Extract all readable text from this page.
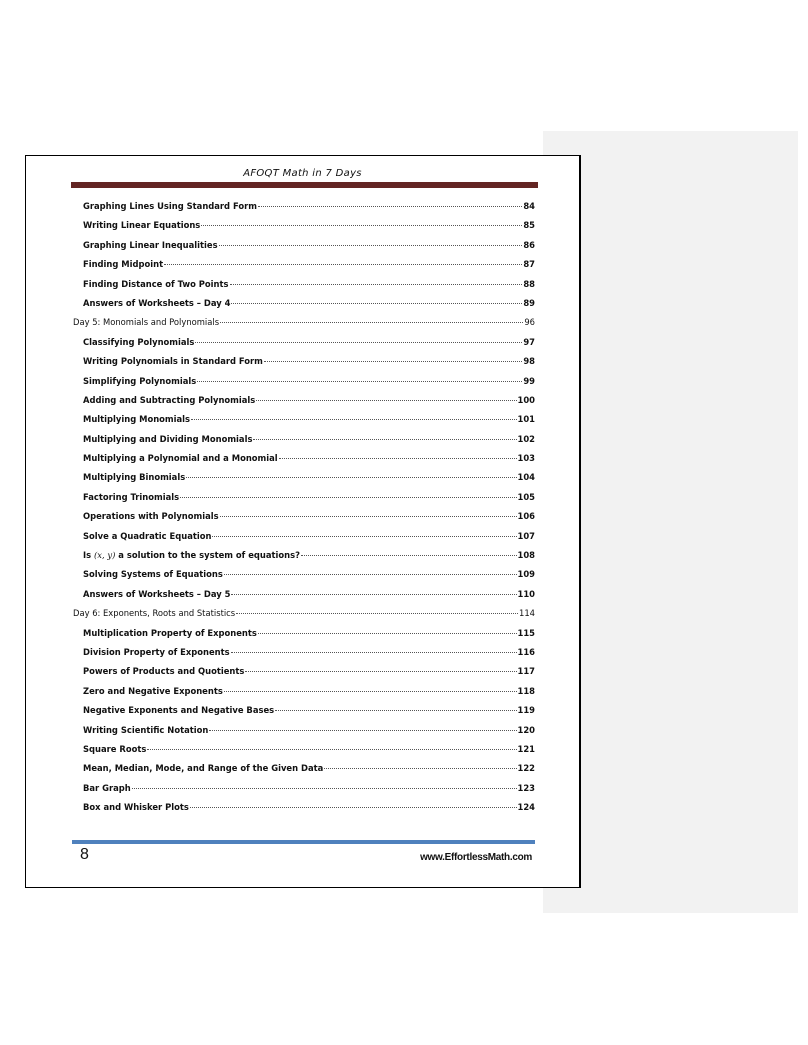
AFOQT Math in 7 Days
Graphing Lines Using Standard Form	84
Writing Linear Equations	85
Graphing Linear Inequalities	86
Finding Midpoint	87
Finding Distance of Two Points	88
Answers of Worksheets – Day 4	89
Day 5: Monomials and Polynomials	96
Classifying Polynomials	97
Writing Polynomials in Standard Form	98
Simplifying Polynomials	99
Adding and Subtracting Polynomials	100
Multiplying Monomials	101
Multiplying and Dividing Monomials	102
Multiplying a Polynomial and a Monomial	103
Multiplying Binomials	104
Factoring Trinomials	105
Operations with Polynomials	106
Solve a Quadratic Equation	107
Is (x, y) a solution to the system of equations?	108
Solving Systems of Equations	109
Answers of Worksheets – Day 5	110
Day 6: Exponents, Roots and Statistics	114
Multiplication Property of Exponents	115
Division Property of Exponents	116
Powers of Products and Quotients	117
Zero and Negative Exponents	118
Negative Exponents and Negative Bases	119
Writing Scientific Notation	120
Square Roots	121
Mean, Median, Mode, and Range of the Given Data	122
Bar Graph	123
Box and Whisker Plots	124
8	www.EffortlessMath.com
